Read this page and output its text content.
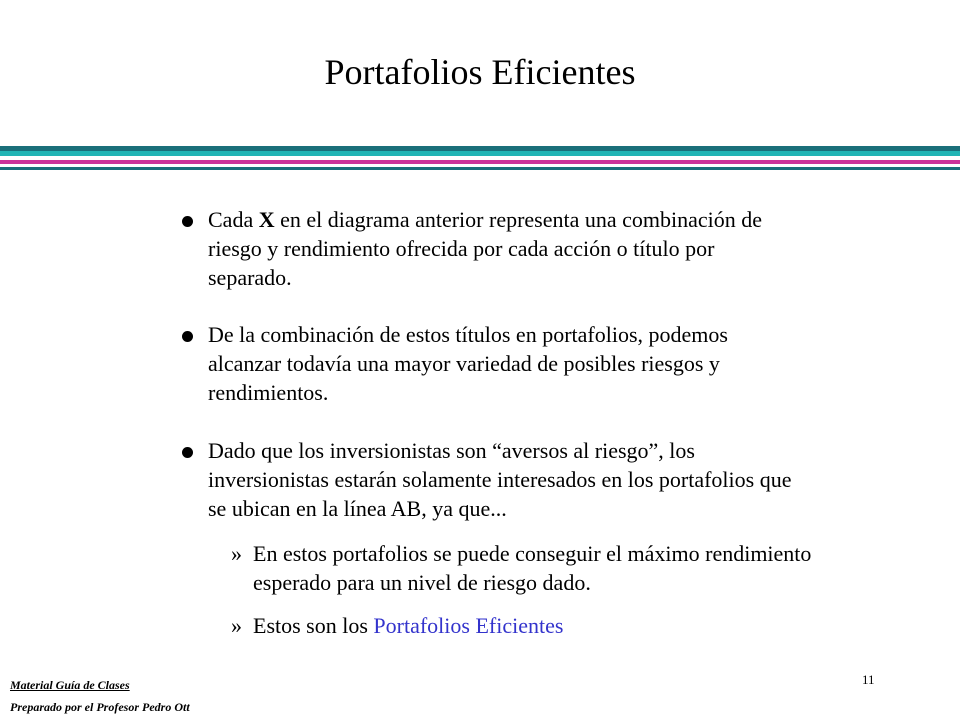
Portafolios Eficientes
Cada X en el diagrama anterior representa una combinación de riesgo y rendimiento ofrecida por cada acción o título por separado.
De la combinación de estos títulos en portafolios, podemos alcanzar todavía una mayor variedad de posibles riesgos y rendimientos.
Dado que los inversionistas son “aversos al riesgo”, los inversionistas estarán solamente interesados en los portafolios que se ubican en la línea AB, ya que...
» En estos portafolios se puede conseguir el máximo rendimiento esperado para un nivel de riesgo dado.
» Estos son los Portafolios Eficientes
11
Material Guía de Clases
Preparado por el Profesor Pedro Ott
